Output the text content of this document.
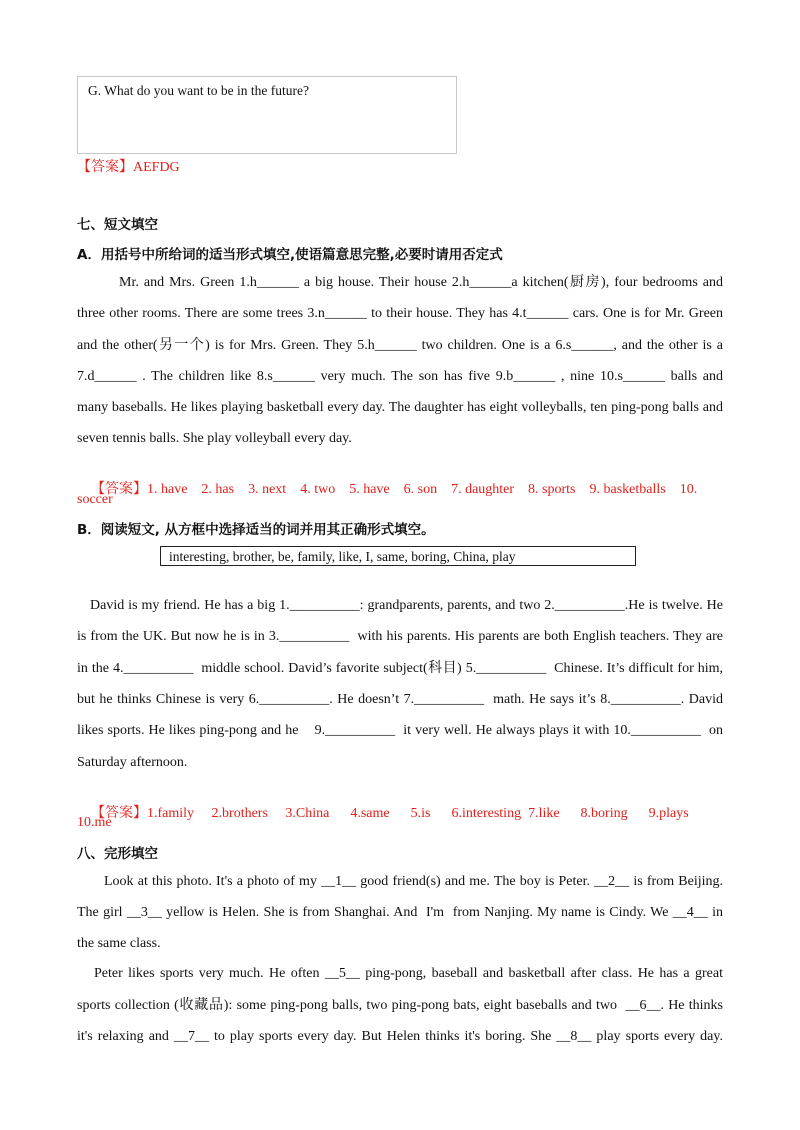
G. What do you want to be in the future?
【答案】AEFDG
七、短文填空
A．用括号中所给词的适当形式填空,使语篇意思完整,必要时请用否定式
Mr. and Mrs. Green 1.h______ a big house. Their house 2.h______a kitchen(厨房), four bedrooms and
three other rooms. There are some trees 3.n______ to their house. They has 4.t______ cars. One is for Mr. Green
and the other(另一个) is for Mrs. Green. They 5.h______ two children. One is a 6.s______, and the other is a
7.d______ . The children like 8.s______ very much. The son has five 9.b______ , nine 10.s______ balls and
many baseballs. He likes playing basketball every day. The daughter has eight volleyballs, ten ping-pong balls and
seven tennis balls. She play volleyball every day.

【答案】1. have    2. has    3. next    4. two    5. have    6. son    7. daughter    8. sports    9. basketballs    10.

soccer
B．阅读短文, 从方框中选择适当的词并用其正确形式填空。
interesting, brother, be, family, like, I, same, boring, China, play
David is my friend. He has a big 1.__________: grandparents, parents, and two 2.__________.He is twelve. He
is from the UK. But now he is in 3.__________  with his parents. His parents are both English teachers. They are
in the 4.__________  middle school. David’s favorite subject(科目) 5.__________  Chinese. It’s difficult for him,
but he thinks Chinese is very 6.__________. He doesn’t 7.__________  math. He says it’s 8.__________. David
likes sports. He likes ping-pong and he    9.__________  it very well. He always plays it with 10.__________  on
Saturday afternoon.

【答案】1.family     2.brothers     3.China      4.same      5.is      6.interesting  7.like      8.boring      9.plays

10.me
八、完形填空
Look at this photo. It's a photo of my __1__ good friend(s) and me. The boy is Peter. __2__ is from Beijing.
The girl __3__ yellow is Helen. She is from Shanghai. And  I'm  from Nanjing. My name is Cindy. We __4__ in
the same class.
Peter likes sports very much. He often __5__ ping-pong, baseball and basketball after class. He has a great
sports collection (收藏品): some ping-pong balls, two ping-pong bats, eight baseballs and two  __6__. He thinks
it's relaxing and __7__ to play sports every day. But Helen thinks it's boring. She __8__ play sports every day.
